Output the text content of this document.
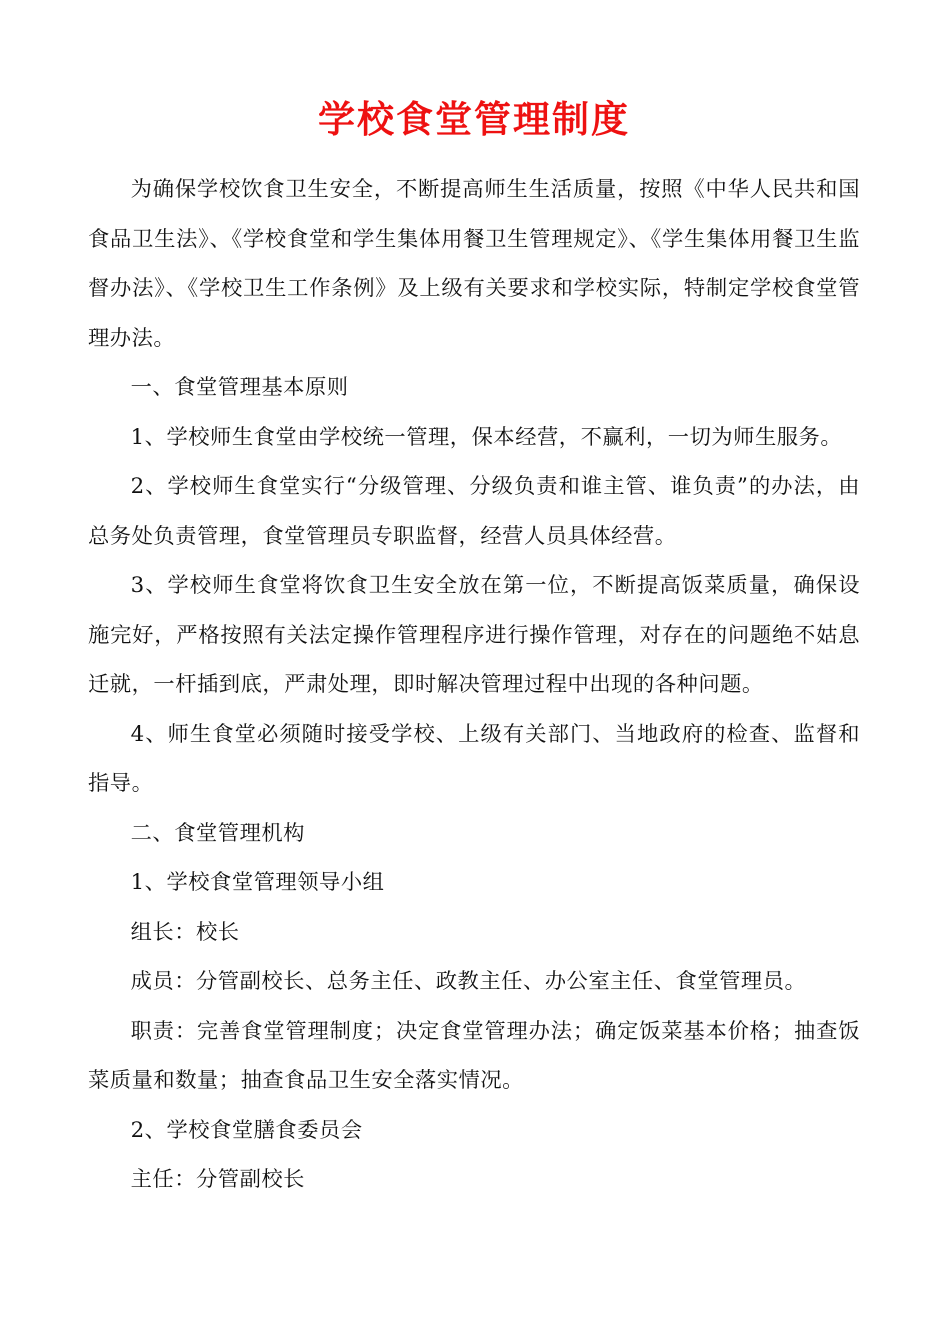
学校食堂管理制度

为确保学校饮食卫生安全，不断提高师生生活质量，按照《中华人民共和国食品卫生法》、《学校食堂和学生集体用餐卫生管理规定》、《学生集体用餐卫生监督办法》、《学校卫生工作条例》及上级有关要求和学校实际，特制定学校食堂管理办法。

一、食堂管理基本原则

1、学校师生食堂由学校统一管理，保本经营，不赢利，一切为师生服务。

2、学校师生食堂实行“分级管理、分级负责和谁主管、谁负责”的办法，由总务处负责管理，食堂管理员专职监督，经营人员具体经营。

3、学校师生食堂将饮食卫生安全放在第一位，不断提高饭菜质量，确保设施完好，严格按照有关法定操作管理程序进行操作管理，对存在的问题绝不姑息迁就，一杆插到底，严肃处理，即时解决管理过程中出现的各种问题。

4、师生食堂必须随时接受学校、上级有关部门、当地政府的检查、监督和指导。

二、食堂管理机构

1、学校食堂管理领导小组

组长：校长

成员：分管副校长、总务主任、政教主任、办公室主任、食堂管理员。

职责：完善食堂管理制度；决定食堂管理办法；确定饭菜基本价格；抽查饭菜质量和数量；抽查食品卫生安全落实情况。

2、学校食堂膳食委员会

主任：分管副校长
